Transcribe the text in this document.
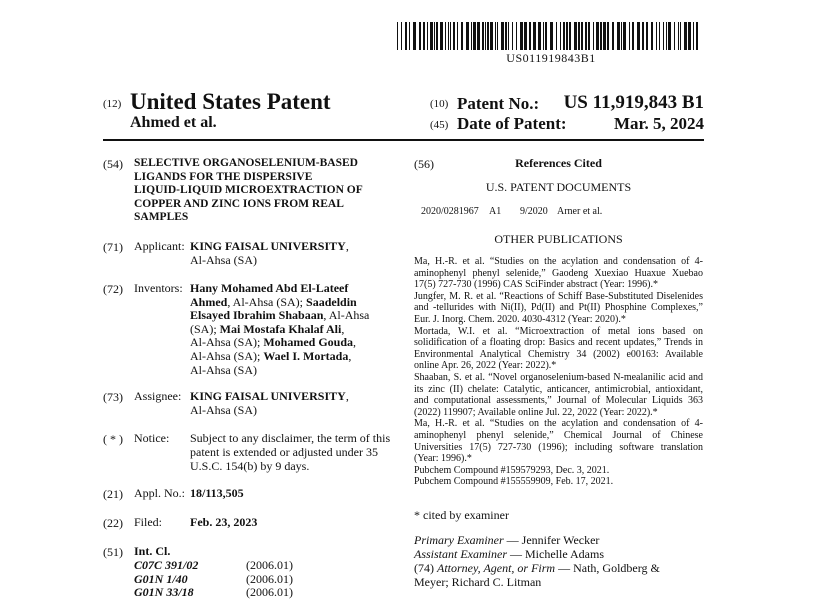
US011919843B1
(12) United States Patent
Ahmed et al.
(10) Patent No.: US 11,919,843 B1
(45) Date of Patent:	Mar. 5, 2024
(54) SELECTIVE ORGANOSELENIUM-BASED
LIGANDS FOR THE DISPERSIVE
LIQUID-LIQUID MICROEXTRACTION OF
COPPER AND ZINC IONS FROM REAL
SAMPLES
(71) Applicant: KING FAISAL UNIVERSITY,
Al-Ahsa (SA)
(72) Inventors: Hany Mohamed Abd El-Lateef
Ahmed, Al-Ahsa (SA); Saadeldin
Elsayed Ibrahim Shabaan, Al-Ahsa
(SA); Mai Mostafa Khalaf Ali,
Al-Ahsa (SA); Mohamed Gouda,
Al-Ahsa (SA); Wael I. Mortada,
Al-Ahsa (SA)
(73) Assignee: KING FAISAL UNIVERSITY,
Al-Ahsa (SA)
( * ) Notice: Subject to any disclaimer, the term of this
patent is extended or adjusted under 35
U.S.C. 154(b) by 9 days.
(21) Appl. No.: 18/113,505
(22) Filed: Feb. 23, 2023
(51) Int. Cl.
C07C 391/02	(2006.01)
G01N 1/40	(2006.01)
G01N 33/18	(2006.01)
(56)	References Cited
U.S. PATENT DOCUMENTS
2020/0281967 A1 9/2020 Arner et al.
OTHER PUBLICATIONS
Ma, H.-R. et al. “Studies on the acylation and condensation of 4-aminophenyl phenyl selenide,” Gaodeng Xuexiao Huaxue Xuebao 17(5) 727-730 (1996) CAS SciFinder abstract (Year: 1996).*
Jungfer, M. R. et al. “Reactions of Schiff Base-Substituted Diselenides and -tellurides with Ni(II), Pd(II) and Pt(II) Phosphine Complexes,” Eur. J. Inorg. Chem. 2020. 4030-4312 (Year: 2020).*
Mortada, W.I. et al. “Microextraction of metal ions based on solidification of a floating drop: Basics and recent updates,” Trends in Environmental Analytical Chemistry 34 (2002) e00163: Available online Apr. 26, 2022 (Year: 2022).*
Shaaban, S. et al. “Novel organoselenium-based N-mealanilic acid and its zinc (II) chelate: Catalytic, anticancer, antimicrobial, antioxidant, and computational assessments,” Journal of Molecular Liquids 363 (2022) 119907; Available online Jul. 22, 2022 (Year: 2022).*
Ma, H.-R. et al. “Studies on the acylation and condensation of 4-aminophenyl phenyl selenide,” Chemical Journal of Chinese Universities 17(5) 727-730 (1996); including software translation (Year: 1996).*
Pubchem Compound #159579293, Dec. 3, 2021.
Pubchem Compound #155559909, Feb. 17, 2021.
* cited by examiner
Primary Examiner — Jennifer Wecker
Assistant Examiner — Michelle Adams
(74) Attorney, Agent, or Firm — Nath, Goldberg &
Meyer; Richard C. Litman
